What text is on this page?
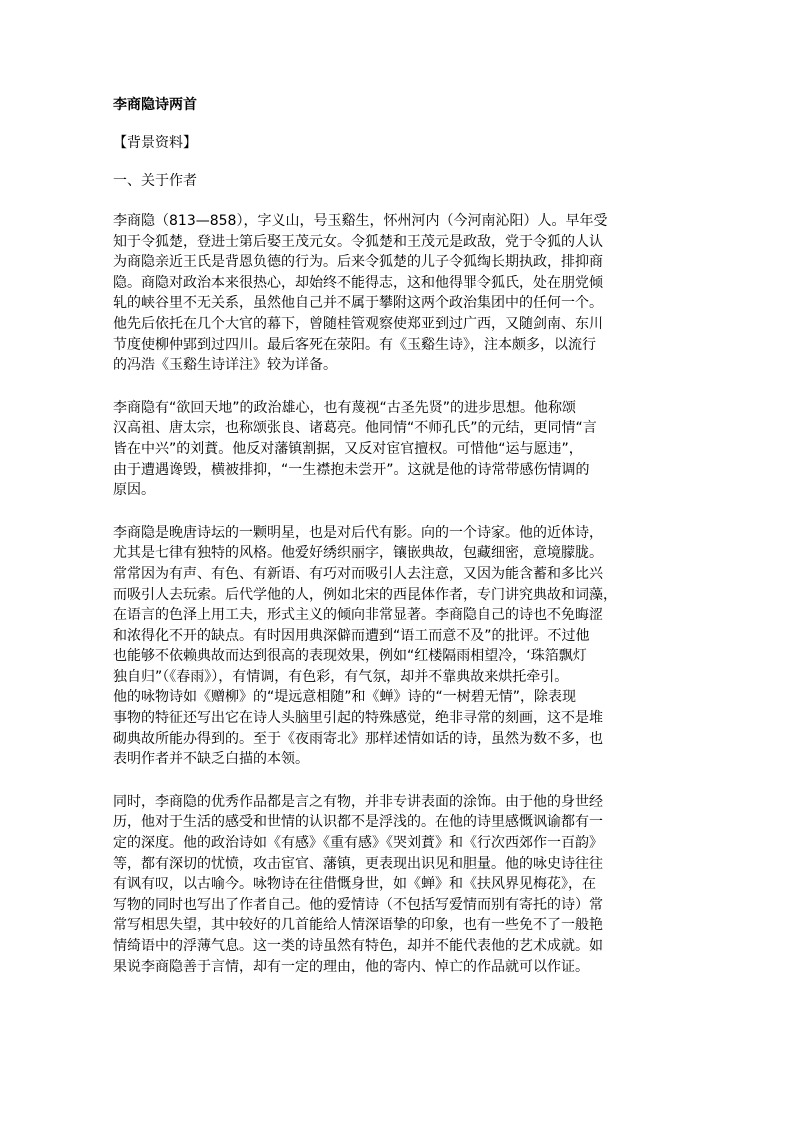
李商隐诗两首

【背景资料】

一、关于作者

李商隐（813—858），字义山，号玉谿生，怀州河内（今河南沁阳）人。早年受
知于令狐楚，登进士第后娶王茂元女。令狐楚和王茂元是政敌，党于令狐的人认
为商隐亲近王氏是背恩负德的行为。后来令狐楚的儿子令狐绹长期执政，排抑商
隐。商隐对政治本来很热心，却始终不能得志，这和他得罪令狐氏，处在朋党倾
轧的峡谷里不无关系，虽然他自己并不属于攀附这两个政治集团中的任何一个。
他先后依托在几个大官的幕下，曾随桂管观察使郑亚到过广西，又随剑南、东川
节度使柳仲郢到过四川。最后客死在荥阳。有《玉谿生诗》，注本颇多，以流行
的冯浩《玉谿生诗详注》较为详备。
李商隐有“欲回天地”的政治雄心，也有蔑视“古圣先贤”的进步思想。他称颂
汉高祖、唐太宗，也称颂张良、诸葛亮。他同情“不师孔氏”的元结，更同情“言
皆在中兴”的刘蕡。他反对藩镇割据，又反对宦官擅权。可惜他“运与愿违”，
由于遭遇谗毁，横被排抑，“一生襟抱未尝开”。这就是他的诗常带感伤情调的
原因。
李商隐是晚唐诗坛的一颗明星，也是对后代有影。向的一个诗家。他的近体诗，
尤其是七律有独特的风格。他爱好绣织丽字，镶嵌典故，包藏细密，意境朦胧。
常常因为有声、有色、有新语、有巧对而吸引人去注意，又因为能含蓄和多比兴
而吸引人去玩索。后代学他的人，例如北宋的西昆体作者，专门讲究典故和词藻，
在语言的色泽上用工夫，形式主义的倾向非常显著。李商隐自己的诗也不免晦涩
和浓得化不开的缺点。有时因用典深僻而遭到“语工而意不及”的批评。不过他
也能够不依赖典故而达到很高的表现效果，例如“红楼隔雨相望冷，‘珠箔飘灯
独自归”（《春雨》），有情调，有色彩，有气氛，却并不靠典故来烘托牵引。
他的咏物诗如《赠柳》的“堤远意相随”和《蝉》诗的“一树碧无情”，除表现
事物的特征还写出它在诗人头脑里引起的特殊感觉，绝非寻常的刻画，这不是堆
砌典故所能办得到的。至于《夜雨寄北》那样述情如话的诗，虽然为数不多，也
表明作者并不缺乏白描的本领。
同时，李商隐的优秀作品都是言之有物，并非专讲表面的涂饰。由于他的身世经
历，他对于生活的感受和世情的认识都不是浮浅的。在他的诗里感慨讽谕都有一
定的深度。他的政治诗如《有感》《重有感》《哭刘蕡》和《行次西郊作一百韵》
等，都有深切的忧愤，攻击宦官、藩镇，更表现出识见和胆量。他的咏史诗往往
有讽有叹，以古喻今。咏物诗在往借慨身世，如《蝉》和《扶风界见梅花》，在
写物的同时也写出了作者自己。他的爱情诗（不包括写爱情而别有寄托的诗）常
常写相思失望，其中较好的几首能给人情深语挚的印象，也有一些免不了一般艳
情绮语中的浮薄气息。这一类的诗虽然有特色，却并不能代表他的艺术成就。如
果说李商隐善于言情，却有一定的理由，他的寄内、悼亡的作品就可以作证。
